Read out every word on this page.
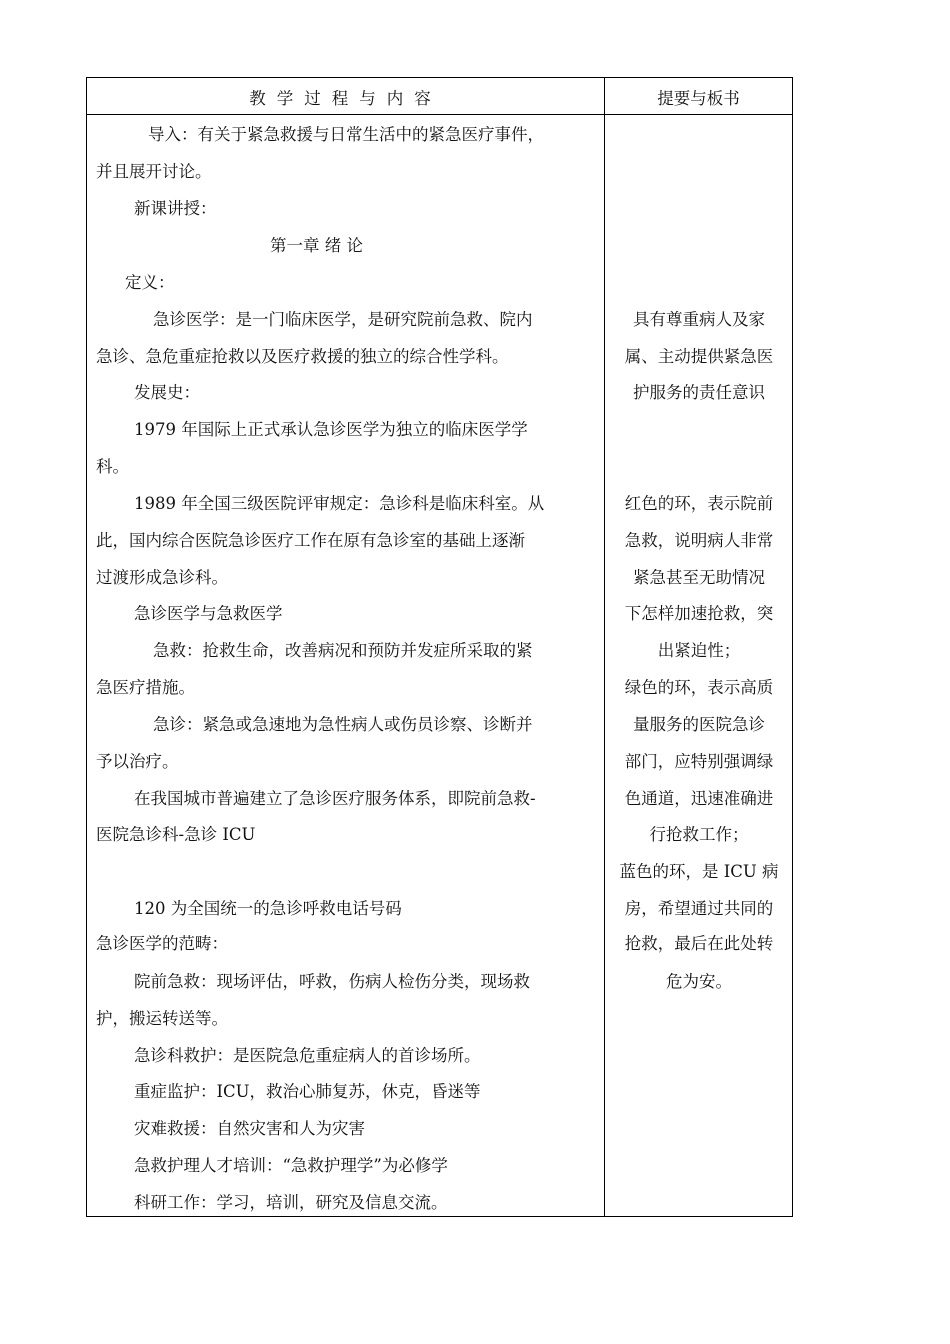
教学过程与内容	提要与板书
导入：有关于紧急救援与日常生活中的紧急医疗事件，
并且展开讨论。
新课讲授：
第一章 绪 论
定义：
急诊医学：是一门临床医学，是研究院前急救、院内
急诊、急危重症抢救以及医疗救援的独立的综合性学科。
发展史：
1979 年国际上正式承认急诊医学为独立的临床医学学
科。
1989 年全国三级医院评审规定：急诊科是临床科室。从
此，国内综合医院急诊医疗工作在原有急诊室的基础上逐渐
过渡形成急诊科。
急诊医学与急救医学
急救：抢救生命，改善病况和预防并发症所采取的紧
急医疗措施。
急诊：紧急或急速地为急性病人或伤员诊察、诊断并
予以治疗。
在我国城市普遍建立了急诊医疗服务体系，即院前急救-
医院急诊科-急诊 ICU
120 为全国统一的急诊呼救电话号码
急诊医学的范畴：
院前急救：现场评估，呼救，伤病人检伤分类，现场救
护，搬运转送等。
急诊科救护：是医院急危重症病人的首诊场所。
重症监护：ICU，救治心肺复苏，休克，昏迷等
灾难救援：自然灾害和人为灾害
急救护理人才培训：“急救护理学”为必修学
科研工作：学习，培训，研究及信息交流。
具有尊重病人及家
属、主动提供紧急医
护服务的责任意识
红色的环，表示院前
急救，说明病人非常
紧急甚至无助情况
下怎样加速抢救，突
出紧迫性；
绿色的环，表示高质
量服务的医院急诊
部门，应特别强调绿
色通道，迅速准确进
行抢救工作；
蓝色的环，是 ICU 病
房，希望通过共同的
抢救，最后在此处转
危为安。
